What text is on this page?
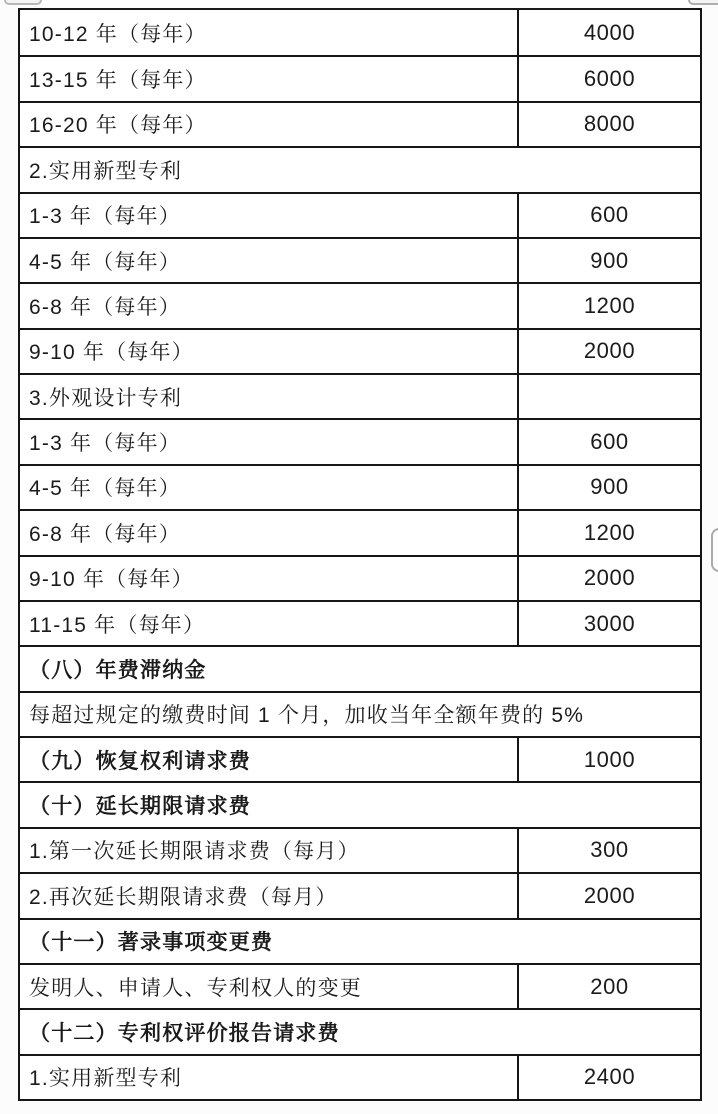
10-12 年（每年）	4000
13-15 年（每年）	6000
16-20 年（每年）	8000
2.实用新型专利
1-3 年（每年）	600
4-5 年（每年）	900
6-8 年（每年）	1200
9-10 年（每年）	2000
3.外观设计专利
1-3 年（每年）	600
4-5 年（每年）	900
6-8 年（每年）	1200
9-10 年（每年）	2000
11-15 年（每年）	3000
（八）年费滞纳金
每超过规定的缴费时间 1 个月，加收当年全额年费的 5%
（九）恢复权利请求费	1000
（十）延长期限请求费
1.第一次延长期限请求费（每月）	300
2.再次延长期限请求费（每月）	2000
（十一）著录事项变更费
发明人、申请人、专利权人的变更	200
（十二）专利权评价报告请求费
1.实用新型专利	2400
